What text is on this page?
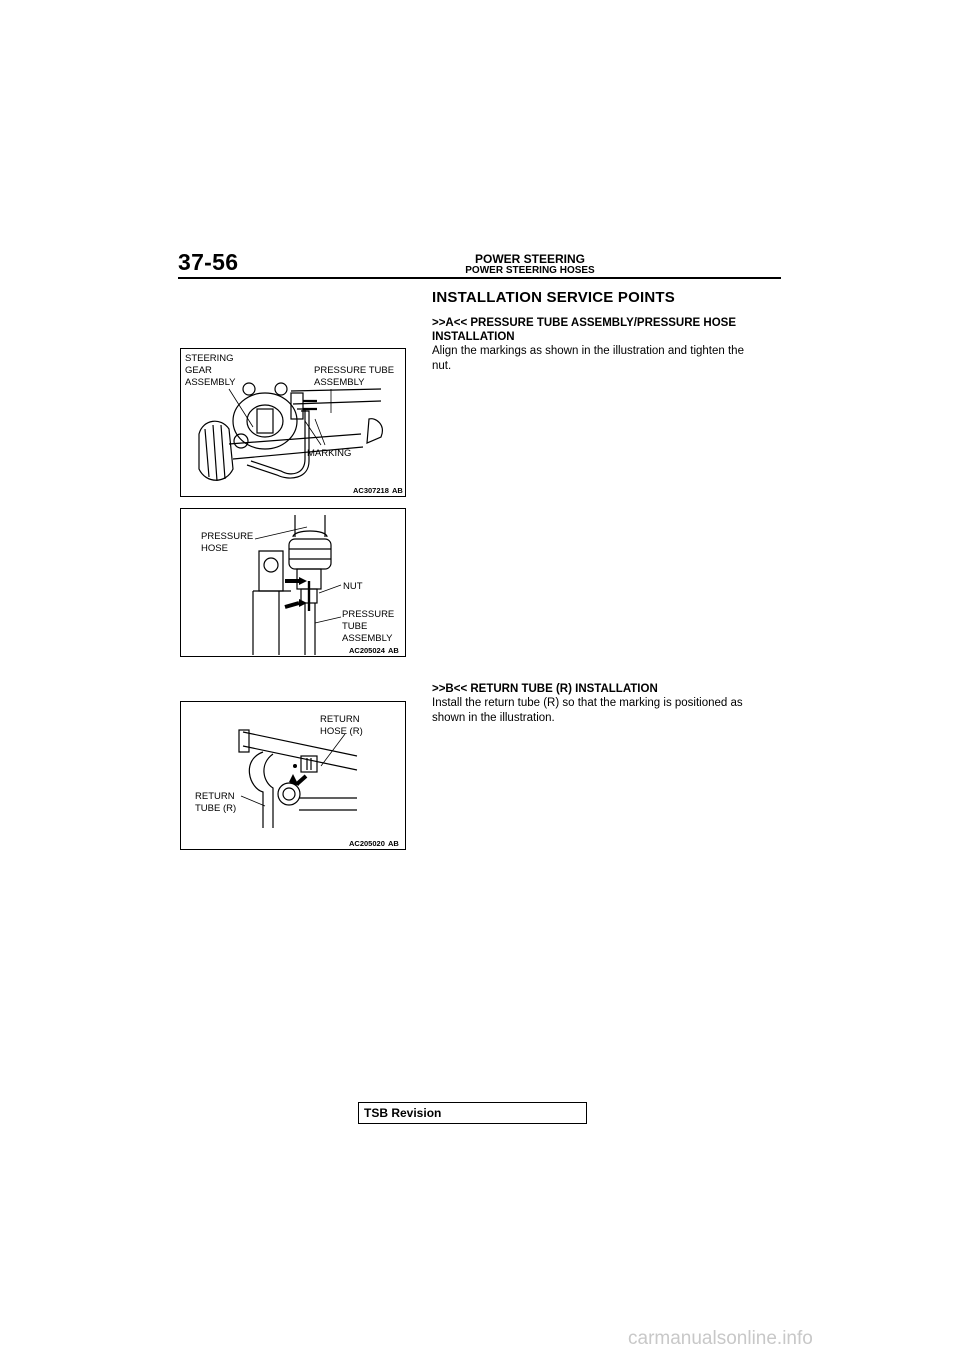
37-56	POWER STEERING
POWER STEERING HOSES
INSTALLATION SERVICE POINTS
>>A<< PRESSURE TUBE ASSEMBLY/PRESSURE HOSE
INSTALLATION
Align the markings as shown in the illustration and tighten the
nut.
>>B<< RETURN TUBE (R) INSTALLATION
Install the return tube (R) so that the marking is positioned as
shown in the illustration.
STEERING
GEAR
ASSEMBLY
PRESSURE TUBE
ASSEMBLY
MARKING
AC307218 AB
PRESSURE
HOSE
NUT
PRESSURE
TUBE
ASSEMBLY
AC205024 AB
RETURN
HOSE (R)
RETURN
TUBE (R)
AC205020 AB
TSB Revision
carmanualsonline.info
